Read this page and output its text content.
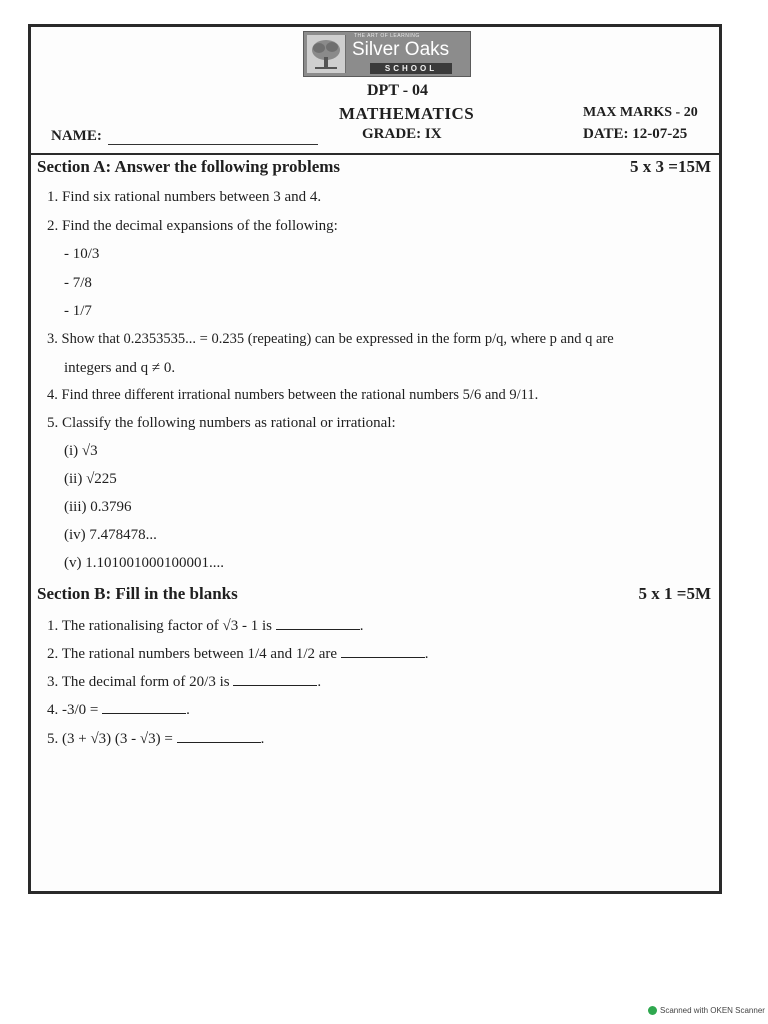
THE ART OF LEARNING
Silver Oaks
SCHOOL
DPT - 04
MATHEMATICS	MAX MARKS - 20
NAME:	GRADE: IX	DATE: 12-07-25
Section A: Answer the following problems	5 x 3 =15M
1. Find six rational numbers between 3 and 4.
2. Find the decimal expansions of the following:
- 10/3
- 7/8
- 1/7
3. Show that 0.2353535... = 0.235 (repeating) can be expressed in the form p/q, where p and q are
integers and q ≠ 0.
4. Find three different irrational numbers between the rational numbers 5/6 and 9/11.
5. Classify the following numbers as rational or irrational:
(i) √3
(ii) √225
(iii) 0.3796
(iv) 7.478478...
(v) 1.101001000100001....
Section B: Fill in the blanks	5 x 1 =5M
1. The rationalising factor of √3 - 1 is	.
2. The rational numbers between 1/4 and 1/2 are	.
3. The decimal form of 20/3 is	.
4. -3/0 =	.
5. (3 + √3) (3 - √3) =	.
Scanned with OKEN Scanner
